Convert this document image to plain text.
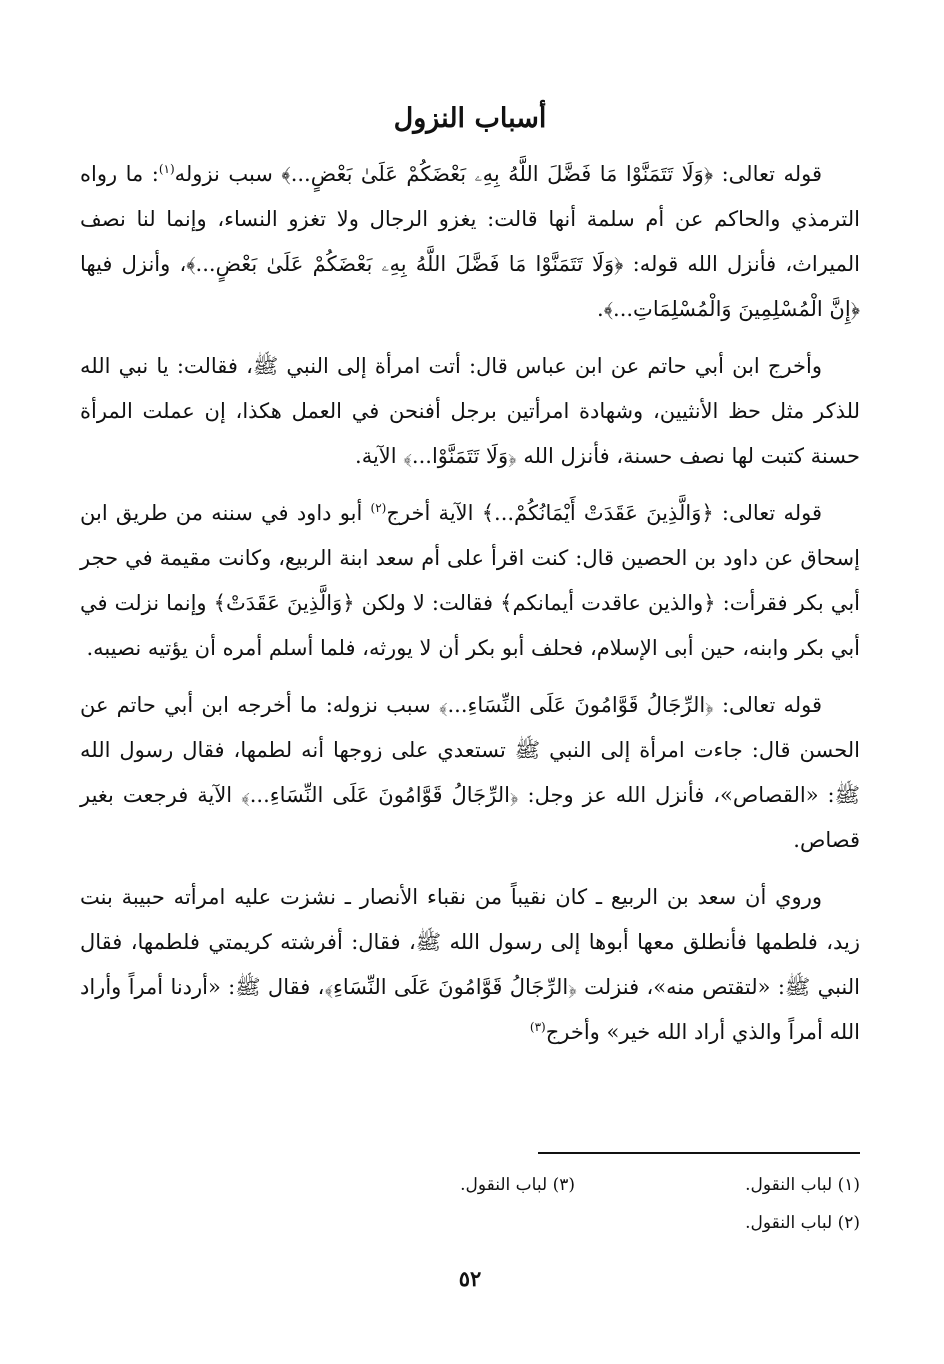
أسباب النزول

قوله تعالى: ﴿وَلَا تَتَمَنَّوْا مَا فَضَّلَ اللَّهُ بِهِۦ بَعْضَكُمْ عَلَىٰ بَعْضٍ...﴾ سبب نزوله$^{(١)}$: ما رواه الترمذي والحاكم عن أم سلمة أنها قالت: يغزو الرجال ولا تغزو النساء، وإنما لنا نصف الميراث، فأنزل الله قوله: ﴿وَلَا تَتَمَنَّوْا مَا فَضَّلَ اللَّهُ بِهِۦ بَعْضَكُمْ عَلَىٰ بَعْضٍ...﴾، وأنزل فيها ﴿إِنَّ الْمُسْلِمِينَ وَالْمُسْلِمَاتِ...﴾.

وأخرج ابن أبي حاتم عن ابن عباس قال: أتت امرأة إلى النبي ﷺ، فقالت: يا نبي الله للذكر مثل حظ الأنثيين، وشهادة امرأتين برجل أفنحن في العمل هكذا، إن عملت المرأة حسنة كتبت لها نصف حسنة، فأنزل الله ﴿وَلَا تَتَمَنَّوْا...﴾ الآية.

قوله تعالى: ﴿وَالَّذِينَ عَقَدَتْ أَيْمَانُكُمْ...﴾ الآية أخرج$^{(٢)}$ أبو داود في سننه من طريق ابن إسحاق عن داود بن الحصين قال: كنت اقرأ على أم سعد ابنة الربيع، وكانت مقيمة في حجر أبي بكر فقرأت: ﴿والذين عاقدت أيمانكم﴾ فقالت: لا ولكن ﴿وَالَّذِينَ عَقَدَتْ﴾ وإنما نزلت في أبي بكر وابنه، حين أبى الإسلام، فحلف أبو بكر أن لا يورثه، فلما أسلم أمره أن يؤتيه نصيبه.

قوله تعالى: ﴿الرِّجَالُ قَوَّامُونَ عَلَى النِّسَاءِ...﴾ سبب نزوله: ما أخرجه ابن أبي حاتم عن الحسن قال: جاءت امرأة إلى النبي ﷺ تستعدي على زوجها أنه لطمها، فقال رسول الله ﷺ: «القصاص»، فأنزل الله عز وجل: ﴿الرِّجَالُ قَوَّامُونَ عَلَى النِّسَاءِ...﴾ الآية فرجعت بغير قصاص.

وروي أن سعد بن الربيع ـ كان نقيباً من نقباء الأنصار ـ نشزت عليه امرأته حبيبة بنت زيد، فلطمها فأنطلق معها أبوها إلى رسول الله ﷺ، فقال: أفرشته كريمتي فلطمها، فقال النبي ﷺ: «لتقتص منه»، فنزلت ﴿الرِّجَالُ قَوَّامُونَ عَلَى النِّسَاءِ﴾، فقال ﷺ: «أردنا أمراً وأراد الله أمراً والذي أراد الله خير» وأخرج$^{(٣)}$

(١) لباب النقول.
(٣) لباب النقول.
(٢) لباب النقول.
٥٢
